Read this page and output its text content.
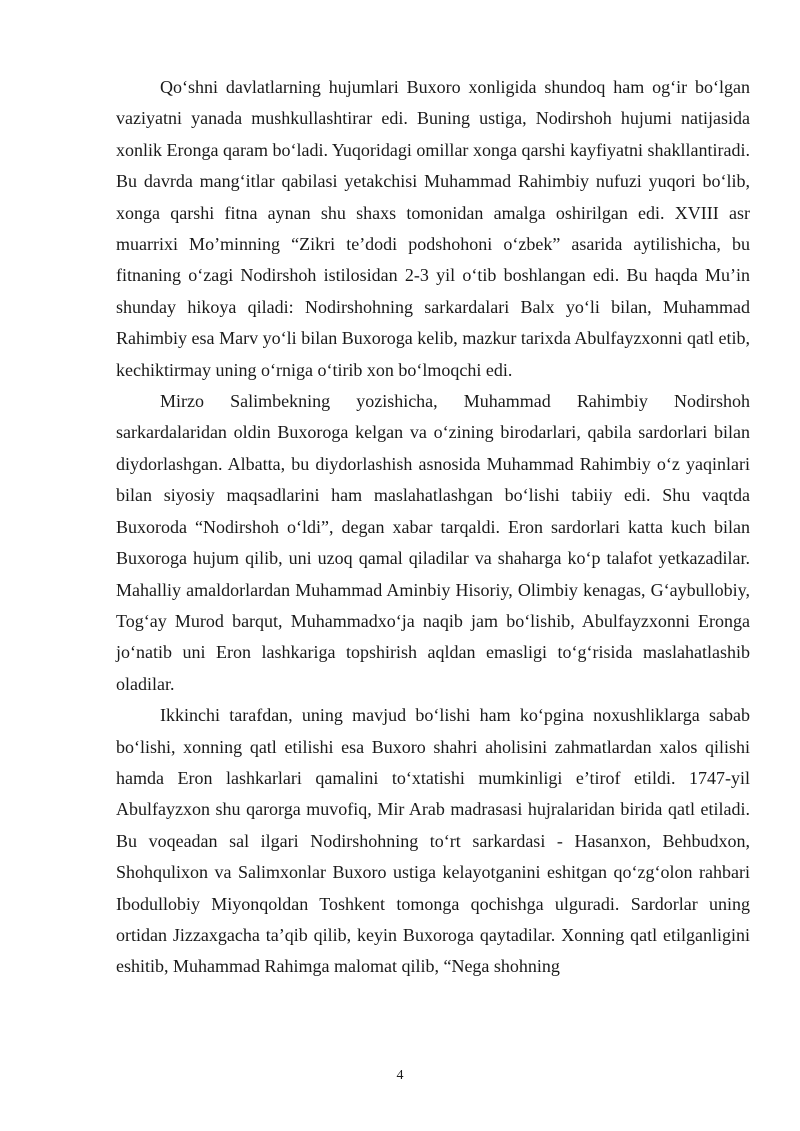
Qo‘shni davlatlarning hujumlari Buxoro xonligida shundoq ham og‘ir bo‘lgan vaziyatni yanada mushkullashtirar edi. Buning ustiga, Nodirshoh hujumi natijasida xonlik Eronga qaram bo‘ladi. Yuqoridagi omillar xonga qarshi kayfiyatni shakllantiradi. Bu davrda mang‘itlar qabilasi yetakchisi Muhammad Rahimbiy nufuzi yuqori bo‘lib, xonga qarshi fitna aynan shu shaxs tomonidan amalga oshirilgan edi. XVIII asr muarrixi Mo’minning “Zikri te’dodi podshohoni o‘zbek” asarida aytilishicha, bu fitnaning o‘zagi Nodirshoh istilosidan 2-3 yil o‘tib boshlangan edi. Bu haqda Mu’in shunday hikoya qiladi: Nodirshohning sarkardalari Balx yo‘li bilan, Muhammad Rahimbiy esa Marv yo‘li bilan Buxoroga kelib, mazkur tarixda Abulfayzxonni qatl etib, kechiktirmay uning o‘rniga o‘tirib xon bo‘lmoqchi edi.

Mirzo Salimbekning yozishicha, Muhammad Rahimbiy Nodirshoh sarkardalaridan oldin Buxoroga kelgan va o‘zining birodarlari, qabila sardorlari bilan diydorlashgan. Albatta, bu diydorlashish asnosida Muhammad Rahimbiy o‘z yaqinlari bilan siyosiy maqsadlarini ham maslahatlashgan bo‘lishi tabiiy edi. Shu vaqtda Buxoroda “Nodirshoh o‘ldi”, degan xabar tarqaldi. Eron sardorlari katta kuch bilan Buxoroga hujum qilib, uni uzoq qamal qiladilar va shaharga ko‘p talafot yetkazadilar. Mahalliy amaldorlardan Muhammad Aminbiy Hisoriy, Olimbiy kenagas, G‘aybullobiy, Tog‘ay Murod barqut, Muhammadxo‘ja naqib jam bo‘lishib, Abulfayzxonni Eronga jo‘natib uni Eron lashkariga topshirish aqldan emasligi to‘g‘risida maslahatlashib oladilar.

Ikkinchi tarafdan, uning mavjud bo‘lishi ham ko‘pgina noxushliklarga sabab bo‘lishi, xonning qatl etilishi esa Buxoro shahri aholisini zahmatlardan xalos qilishi hamda Eron lashkarlari qamalini to‘xtatishi mumkinligi e’tirof etildi. 1747-yil Abulfayzxon shu qarorga muvofiq, Mir Arab madrasasi hujralaridan birida qatl etiladi. Bu voqeadan sal ilgari Nodirshohning to‘rt sarkardasi - Hasanxon, Behbudxon, Shohqulixon va Salimxonlar Buxoro ustiga kelayotganini eshitgan qo‘zg‘olon rahbari Ibodullobiy Miyonqoldan Toshkent tomonga qochishga ulguradi. Sardorlar uning ortidan Jizzaxgacha ta’qib qilib, keyin Buxoroga qaytadilar. Xonning qatl etilganligini eshitib, Muhammad Rahimga malomat qilib, “Nega shohning

4
